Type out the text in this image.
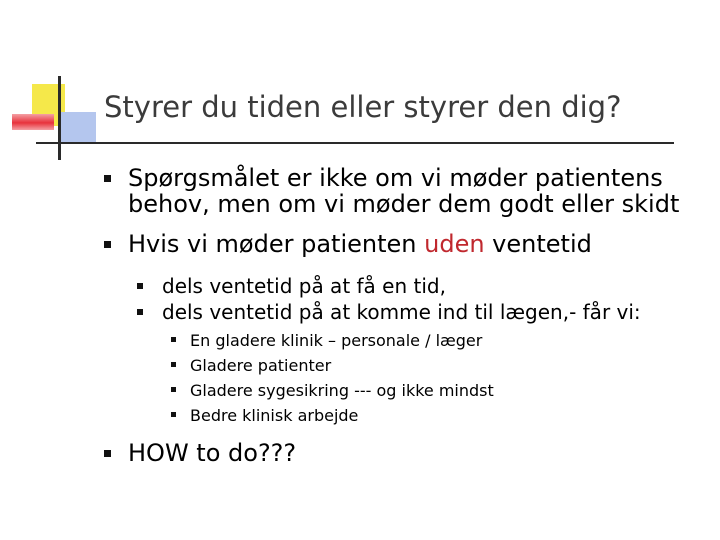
Styrer du tiden eller styrer den dig?
Spørgsmålet er ikke om vi møder patientens behov, men om vi møder dem godt eller skidt
Hvis vi møder patienten uden ventetid
dels ventetid på at få en tid,
dels ventetid på at komme ind til lægen,- får vi:
En gladere klinik – personale / læger
Gladere patienter
Gladere sygesikring --- og ikke mindst
Bedre klinisk arbejde
HOW to do???
